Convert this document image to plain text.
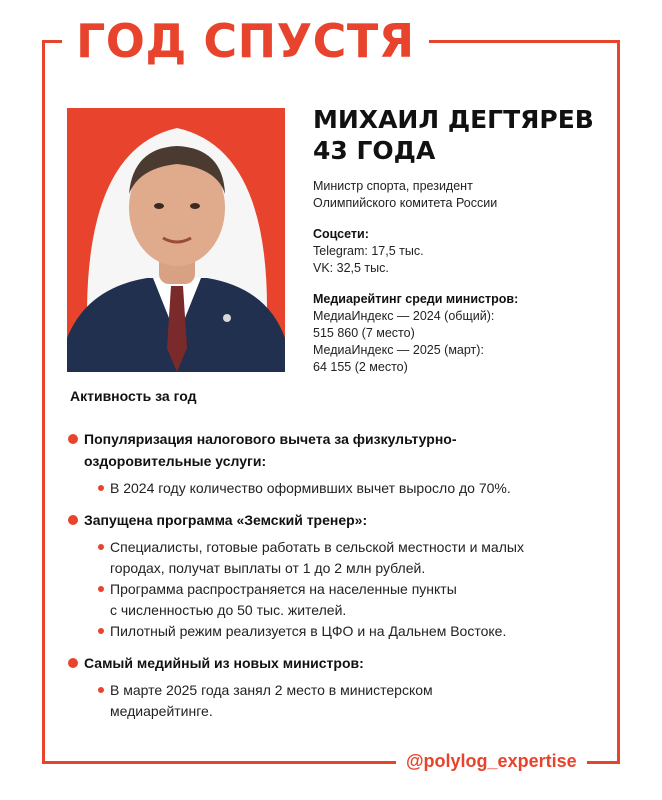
ГОД СПУСТЯ
МИХАИЛ ДЕГТЯРЕВ
43 ГОДА
Министр спорта, президент
Олимпийского комитета России
Соцсети:
Telegram: 17,5 тыс.
VK: 32,5 тыс.
Медиарейтинг среди министров:
МедиаИндекс — 2024 (общий):
515 860 (7 место)
МедиаИндекс — 2025 (март):
64 155 (2 место)
Активность за год
Популяризация налогового вычета за физкультурно-
оздоровительные услуги:
В 2024 году количество оформивших вычет выросло до 70%.
Запущена программа «Земский тренер»:
Специалисты, готовые работать в сельской местности и малых
городах, получат выплаты от 1 до 2 млн рублей.
Программа распространяется на населенные пункты
с численностью до 50 тыс. жителей.
Пилотный режим реализуется в ЦФО и на Дальнем Востоке.
Самый медийный из новых министров:
В марте 2025 года занял 2 место в министерском
медиарейтинге.
@polylog_expertise
